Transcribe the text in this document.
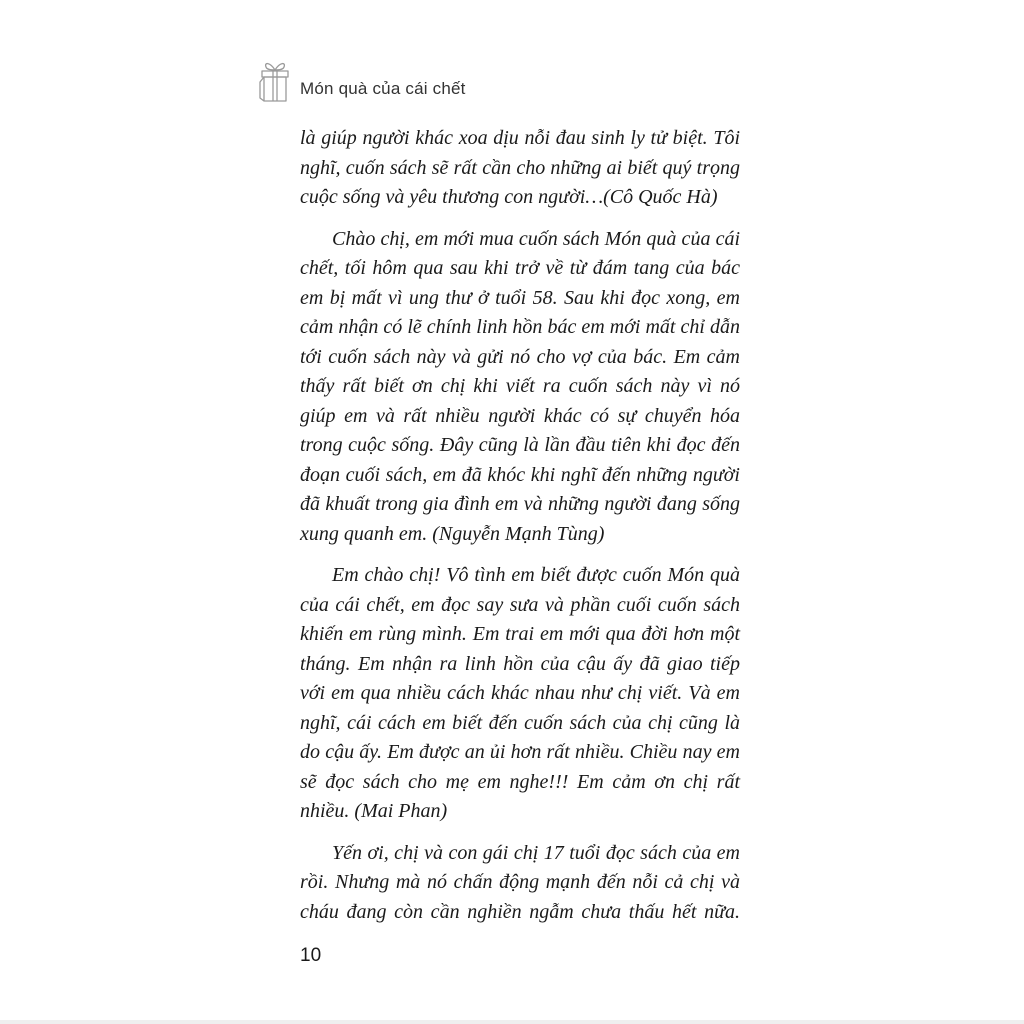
Món quà của cái chết

là giúp người khác xoa dịu nỗi đau sinh ly tử biệt. Tôi nghĩ, cuốn sách sẽ rất cần cho những ai biết quý trọng cuộc sống và yêu thương con người…(Cô Quốc Hà)

Chào chị, em mới mua cuốn sách Món quà của cái chết, tối hôm qua sau khi trở về từ đám tang của bác em bị mất vì ung thư ở tuổi 58. Sau khi đọc xong, em cảm nhận có lẽ chính linh hồn bác em mới mất chỉ dẫn tới cuốn sách này và gửi nó cho vợ của bác. Em cảm thấy rất biết ơn chị khi viết ra cuốn sách này vì nó giúp em và rất nhiều người khác có sự chuyển hóa trong cuộc sống. Đây cũng là lần đầu tiên khi đọc đến đoạn cuối sách, em đã khóc khi nghĩ đến những người đã khuất trong gia đình em và những người đang sống xung quanh em. (Nguyễn Mạnh Tùng)

Em chào chị! Vô tình em biết được cuốn Món quà của cái chết, em đọc say sưa và phần cuối cuốn sách khiến em rùng mình. Em trai em mới qua đời hơn một tháng. Em nhận ra linh hồn của cậu ấy đã giao tiếp với em qua nhiều cách khác nhau như chị viết. Và em nghĩ, cái cách em biết đến cuốn sách của chị cũng là do cậu ấy. Em được an ủi hơn rất nhiều. Chiều nay em sẽ đọc sách cho mẹ em nghe!!! Em cảm ơn chị rất nhiều. (Mai Phan)

Yến ơi, chị và con gái chị 17 tuổi đọc sách của em rồi. Nhưng mà nó chấn động mạnh đến nỗi cả chị và cháu đang còn cần nghiền ngẫm chưa thấu hết nữa.

10
